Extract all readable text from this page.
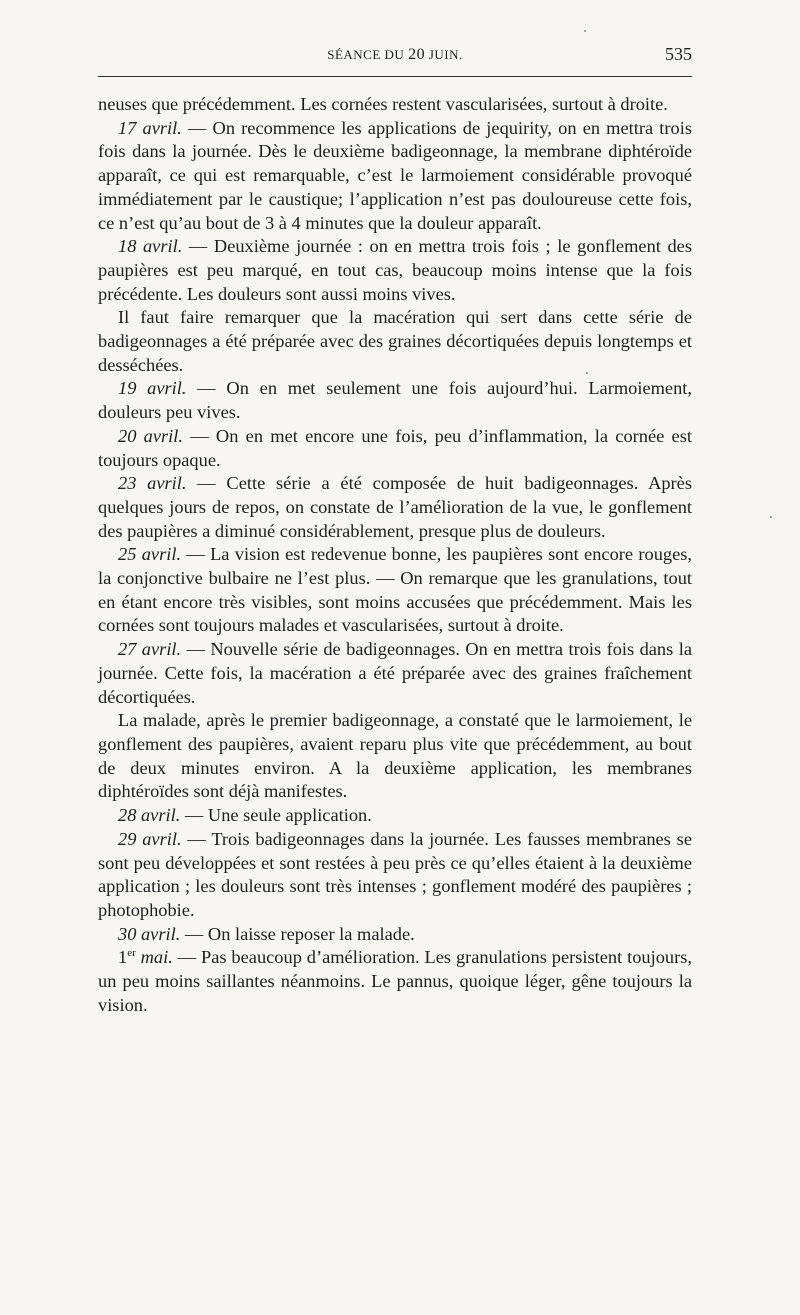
SÉANCE DU 20 JUIN.	535

neuses que précédemment. Les cornées restent vascularisées, surtout à droite.

17 avril. — On recommence les applications de jequirity, on en mettra trois fois dans la journée. Dès le deuxième badigeonnage, la membrane diphtéroïde apparaît, ce qui est remarquable, c’est le larmoiement considérable provoqué immédiatement par le caustique; l’application n’est pas douloureuse cette fois, ce n’est qu’au bout de 3 à 4 minutes que la douleur apparaît.

18 avril. — Deuxième journée : on en mettra trois fois ; le gonflement des paupières est peu marqué, en tout cas, beaucoup moins intense que la fois précédente. Les douleurs sont aussi moins vives.

Il faut faire remarquer que la macération qui sert dans cette série de badigeonnages a été préparée avec des graines décortiquées depuis longtemps et desséchées.

19 avril. — On en met seulement une fois aujourd’hui. Larmoiement, douleurs peu vives.

20 avril. — On en met encore une fois, peu d’inflammation, la cornée est toujours opaque.

23 avril. — Cette série a été composée de huit badigeonnages. Après quelques jours de repos, on constate de l’amélioration de la vue, le gonflement des paupières a diminué considérablement, presque plus de douleurs.

25 avril. — La vision est redevenue bonne, les paupières sont encore rouges, la conjonctive bulbaire ne l’est plus. — On remarque que les granulations, tout en étant encore très visibles, sont moins accusées que précédemment. Mais les cornées sont toujours malades et vascularisées, surtout à droite.

27 avril. — Nouvelle série de badigeonnages. On en mettra trois fois dans la journée. Cette fois, la macération a été préparée avec des graines fraîchement décortiquées.

La malade, après le premier badigeonnage, a constaté que le larmoiement, le gonflement des paupières, avaient reparu plus vite que précédemment, au bout de deux minutes environ. A la deuxième application, les membranes diphtéroïdes sont déjà manifestes.

28 avril. — Une seule application.

29 avril. — Trois badigeonnages dans la journée. Les fausses membranes se sont peu développées et sont restées à peu près ce qu’elles étaient à la deuxième application ; les douleurs sont très intenses ; gonflement modéré des paupières ; photophobie.

30 avril. — On laisse reposer la malade.

1er mai. — Pas beaucoup d’amélioration. Les granulations persistent toujours, un peu moins saillantes néanmoins. Le pannus, quoique léger, gêne toujours la vision.
